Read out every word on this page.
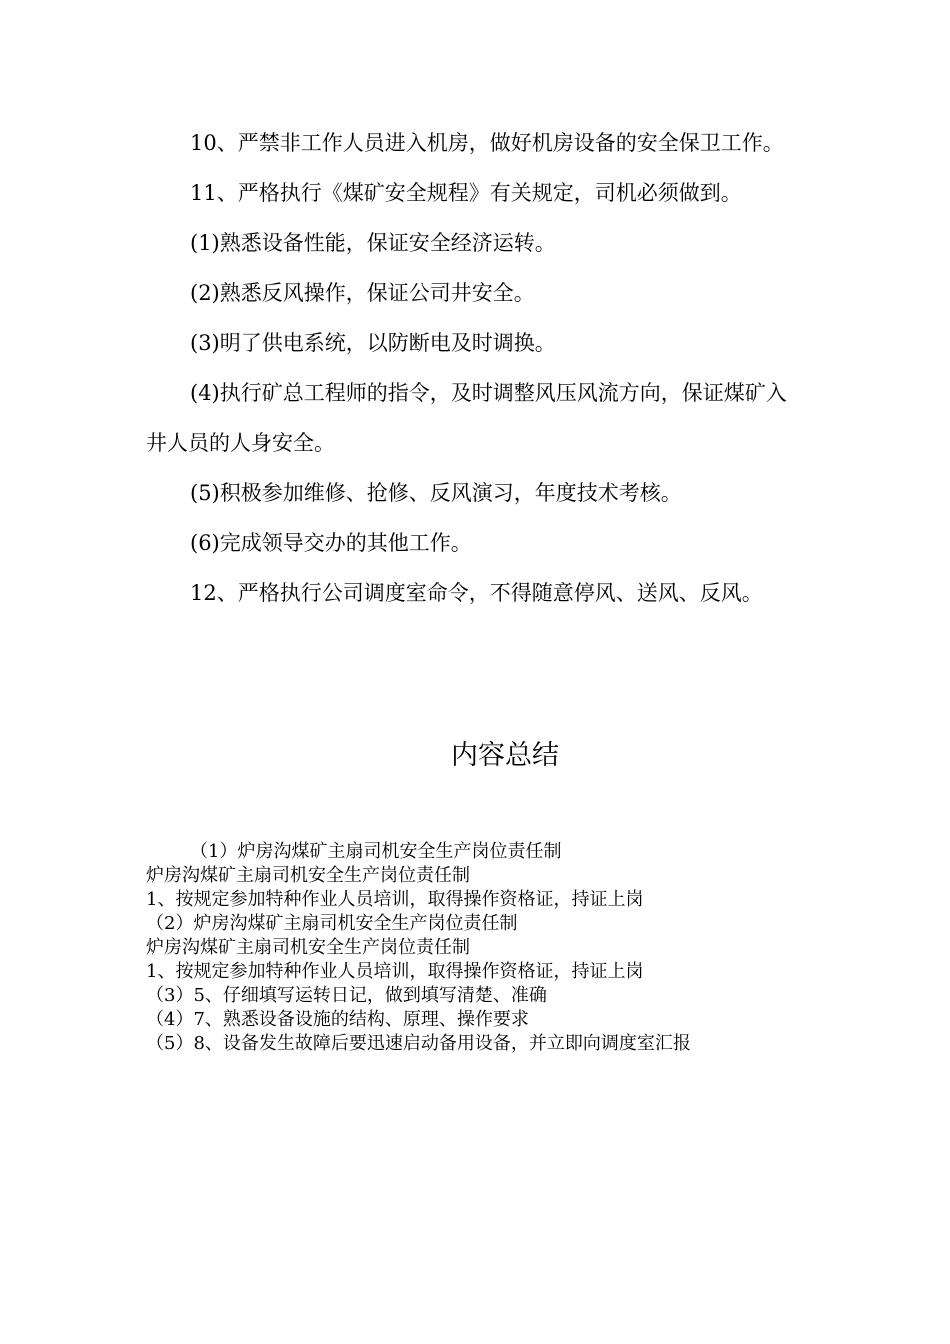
10、严禁非工作人员进入机房，做好机房设备的安全保卫工作。

11、严格执行《煤矿安全规程》有关规定，司机必须做到。

(1)熟悉设备性能，保证安全经济运转。

(2)熟悉反风操作，保证公司井安全。

(3)明了供电系统，以防断电及时调换。

(4)执行矿总工程师的指令，及时调整风压风流方向，保证煤矿入井人员的人身安全。

(5)积极参加维修、抢修、反风演习，年度技术考核。

(6)完成领导交办的其他工作。

12、严格执行公司调度室命令，不得随意停风、送风、反风。

内容总结

（1）炉房沟煤矿主扇司机安全生产岗位责任制

炉房沟煤矿主扇司机安全生产岗位责任制

1、按规定参加特种作业人员培训，取得操作资格证，持证上岗

（2）炉房沟煤矿主扇司机安全生产岗位责任制

炉房沟煤矿主扇司机安全生产岗位责任制

1、按规定参加特种作业人员培训，取得操作资格证，持证上岗

（3）5、仔细填写运转日记，做到填写清楚、准确

（4）7、熟悉设备设施的结构、原理、操作要求

（5）8、设备发生故障后要迅速启动备用设备，并立即向调度室汇报
